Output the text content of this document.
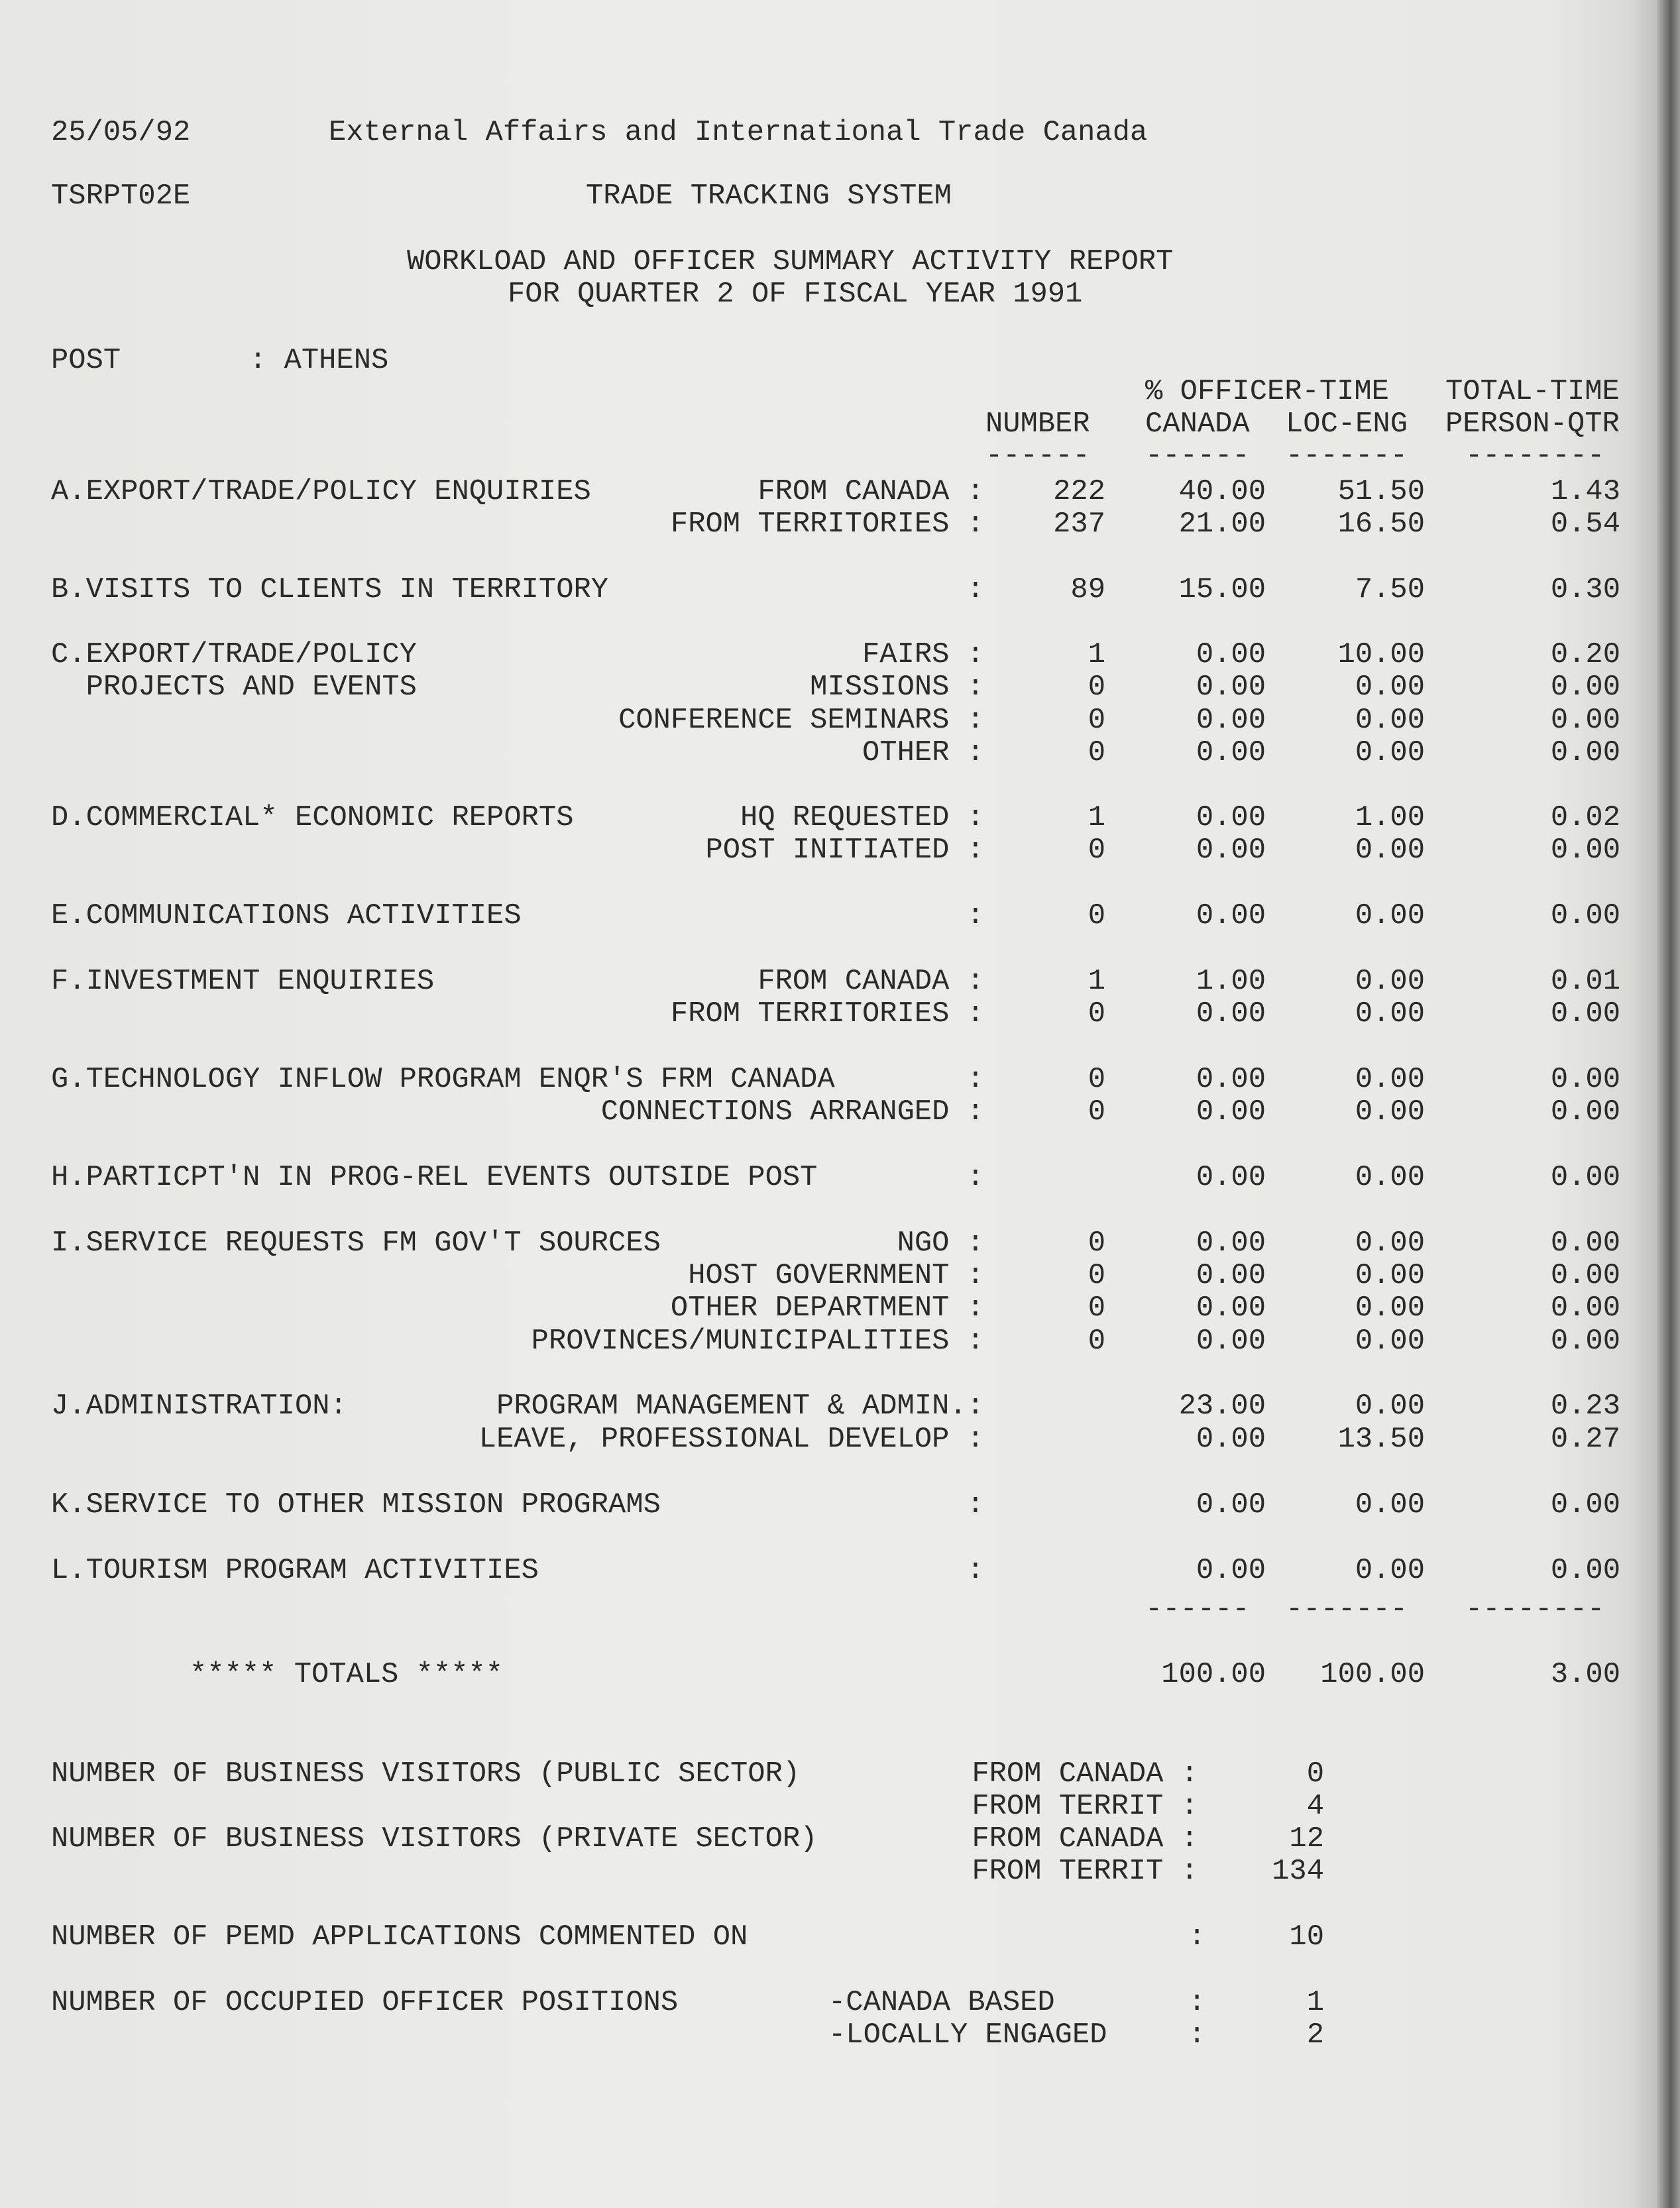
25/05/92	External Affairs and International Trade Canada
TSRPT02E	TRADE TRACKING SYSTEM
WORKLOAD AND OFFICER SUMMARY ACTIVITY REPORT
FOR QUARTER 2 OF FISCAL YEAR 1991
POST	: ATHENS
% OFFICER-TIME TOTAL-TIME
NUMBER CANADA LOC-ENG PERSON-QTR
------ ------ ------- --------
A.EXPORT/TRADE/POLICY ENQUIRIES	FROM CANADA : 222	40.00 51.50	1.43
FROM TERRITORIES : 237	21.00 16.50	0.54
B.VISITS TO CLIENTS IN TERRITORY	:	89	15.00	7.50	0.30
C.EXPORT/TRADE/POLICY	FAIRS :	1	0.00 10.00	0.20
PROJECTS AND EVENTS	MISSIONS :	0	0.00	0.00	0.00
CONFERENCE SEMINARS :	0	0.00	0.00	0.00
OTHER :	0	0.00	0.00	0.00
D.COMMERCIAL* ECONOMIC REPORTS	HQ REQUESTED :	1	0.00	1.00	0.02
POST INITIATED :	0	0.00	0.00	0.00
E.COMMUNICATIONS ACTIVITIES	:	0	0.00	0.00	0.00
F.INVESTMENT ENQUIRIES	FROM CANADA :	1	1.00	0.00	0.01
FROM TERRITORIES :	0	0.00	0.00	0.00
G.TECHNOLOGY INFLOW PROGRAM ENQR'S FRM CANADA	:	0	0.00	0.00	0.00
CONNECTIONS ARRANGED :	0	0.00	0.00	0.00
H.PARTICPT'N IN PROG-REL EVENTS OUTSIDE POST	:	0.00	0.00	0.00
I.SERVICE REQUESTS FM GOV'T SOURCES	NGO :	0	0.00	0.00	0.00
HOST GOVERNMENT :	0	0.00	0.00	0.00
OTHER DEPARTMENT :	0	0.00	0.00	0.00
PROVINCES/MUNICIPALITIES :	0	0.00	0.00	0.00
J.ADMINISTRATION:	PROGRAM MANAGEMENT & ADMIN.:	23.00	0.00	0.23
LEAVE, PROFESSIONAL DEVELOP :	0.00 13.50	0.27
K.SERVICE TO OTHER MISSION PROGRAMS	:	0.00	0.00	0.00
L.TOURISM PROGRAM ACTIVITIES	:	0.00	0.00	0.00
------ ------- --------
***** TOTALS *****	100.00 100.00	3.00
NUMBER OF BUSINESS VISITORS (PUBLIC SECTOR)	FROM CANADA :	0
FROM TERRIT :	4
NUMBER OF BUSINESS VISITORS (PRIVATE SECTOR)	FROM CANADA :	12
FROM TERRIT :	134
NUMBER OF PEMD APPLICATIONS COMMENTED ON	:	10
NUMBER OF OCCUPIED OFFICER POSITIONS	-CANADA BASED	:	1
-LOCALLY ENGAGED	:	2
